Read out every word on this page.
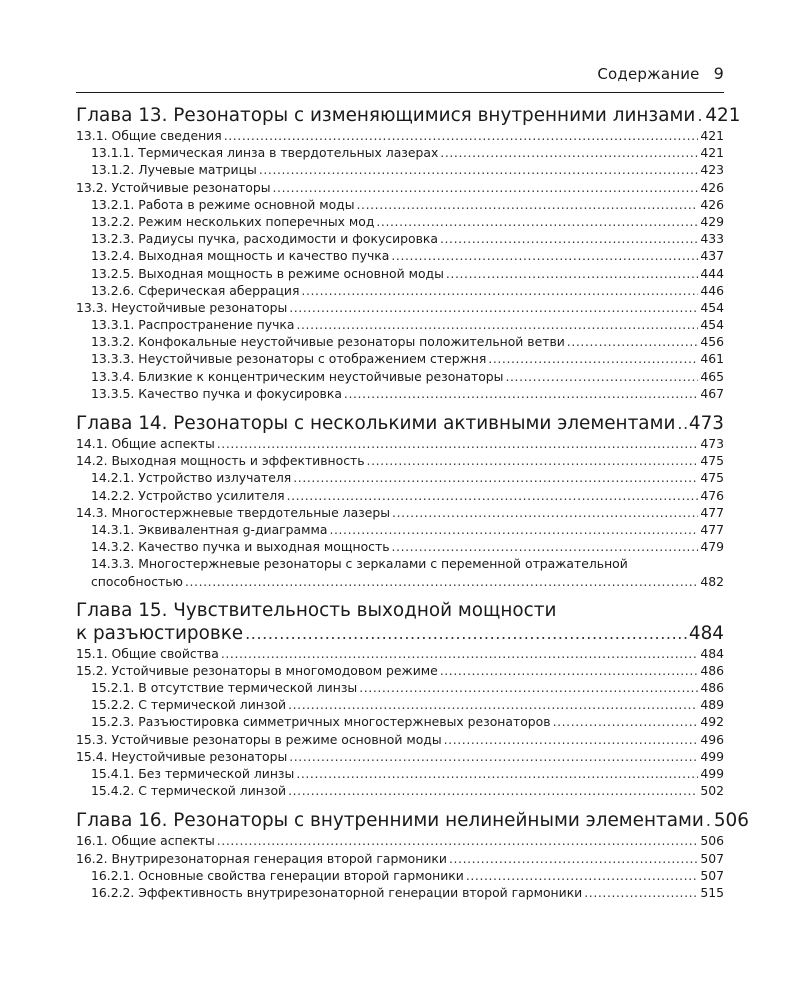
Содержание 9
Глава 13. Резонаторы с изменяющимися внутренними линзами ..... 421
13.1. Общие сведения .....	421
13.1.1. Термическая линза в твердотельных лазерах .....	421
13.1.2. Лучевые матрицы .....	423
13.2. Устойчивые резонаторы .....	426
13.2.1. Работа в режиме основной моды .....	426
13.2.2. Режим нескольких поперечных мод .....	429
13.2.3. Радиусы пучка, расходимости и фокусировка .....	433
13.2.4. Выходная мощность и качество пучка .....	437
13.2.5. Выходная мощность в режиме основной моды .....	444
13.2.6. Сферическая аберрация .....	446
13.3. Неустойчивые резонаторы .....	454
13.3.1. Распространение пучка .....	454
13.3.2. Конфокальные неустойчивые резонаторы положительной ветви .....	456
13.3.3. Неустойчивые резонаторы с отображением стержня .....	461
13.3.4. Близкие к концентрическим неустойчивые резонаторы .....	465
13.3.5. Качество пучка и фокусировка .....	467
Глава 14. Резонаторы с несколькими активными элементами ..... 473
14.1. Общие аспекты .....	473
14.2. Выходная мощность и эффективность .....	475
14.2.1. Устройство излучателя .....	475
14.2.2. Устройство усилителя .....	476
14.3. Многостержневые твердотельные лазеры .....	477
14.3.1. Эквивалентная g-диаграмма .....	477
14.3.2. Качество пучка и выходная мощность .....	479
14.3.3. Многостержневые резонаторы с зеркалами с переменной отражательной
способностью .....	482
Глава 15. Чувствительность выходной мощности
к разъюстировке .....	484
15.1. Общие свойства .....	484
15.2. Устойчивые резонаторы в многомодовом режиме .....	486
15.2.1. В отсутствие термической линзы .....	486
15.2.2. С термической линзой .....	489
15.2.3. Разъюстировка симметричных многостержневых резонаторов .....	492
15.3. Устойчивые резонаторы в режиме основной моды .....	496
15.4. Неустойчивые резонаторы .....	499
15.4.1. Без термической линзы .....	499
15.4.2. С термической линзой .....	502
Глава 16. Резонаторы с внутренними нелинейными элементами ..... 506
16.1. Общие аспекты .....	506
16.2. Внутрирезонаторная генерация второй гармоники .....	507
16.2.1. Основные свойства генерации второй гармоники .....	507
16.2.2. Эффективность внутрирезонаторной генерации второй гармоники .....	515
